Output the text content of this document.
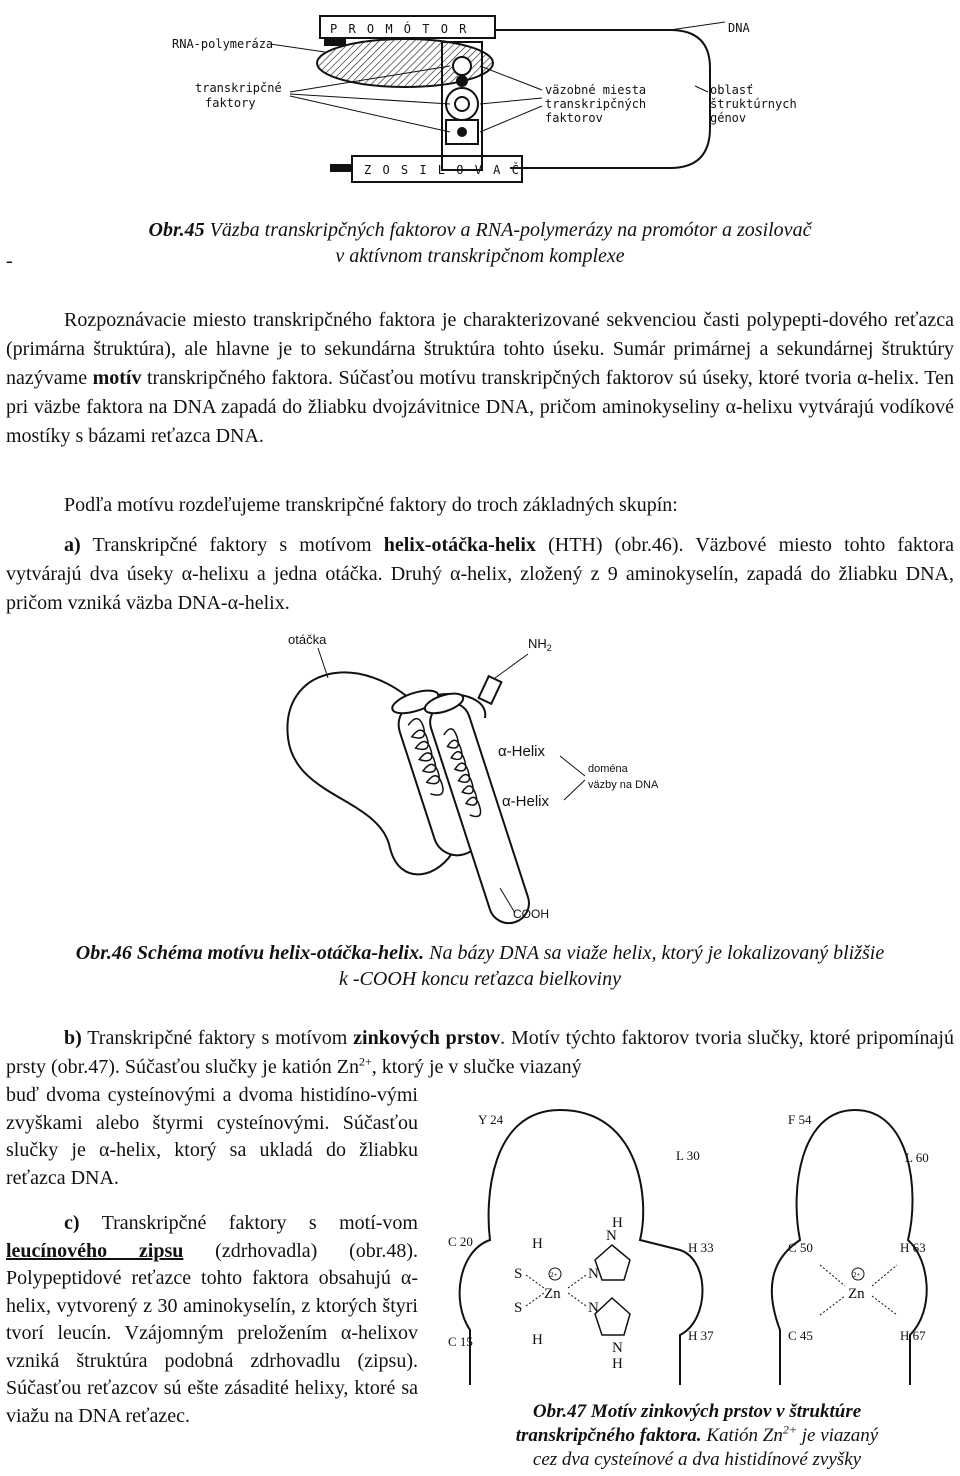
P R O M Ó T O R	DNA
RNA-polymeráza
transkripčné
faktory
väzobné miesta
transkripčných
faktorov
oblasť
štruktúrnych
génov
Z O S I L O V A Č
-
Obr.45 Väzba transkripčných faktorov a RNA-polymerázy na promótor a zosilovač
v aktívnom transkripčnom komplexe
Rozpoznávacie miesto transkripčného faktora je charakterizované sekvenciou časti polypepti-dového reťazca (primárna štruktúra), ale hlavne je to sekundárna štruktúra tohto úseku. Sumár primárnej a sekundárnej štruktúry nazývame motív transkripčného faktora. Súčasťou motívu transkripčných faktorov sú úseky, ktoré tvoria α-helix. Ten pri väzbe faktora na DNA zapadá do žliabku dvojzávitnice DNA, pričom aminokyseliny α-helixu vytvárajú vodíkové mostíky s bázami reťazca DNA.
Podľa motívu rozdeľujeme transkripčné faktory do troch základných skupín:
a) Transkripčné faktory s motívom helix-otáčka-helix (HTH) (obr.46). Väzbové miesto tohto faktora vytvárajú dva úseky α-helixu a jedna otáčka. Druhý α-helix, zložený z 9 aminokyselín, zapadá do žliabku DNA, pričom vzniká väzba DNA-α-helix.
otáčka	$NH_2$
α-Helix
α-Helix
doména
väzby na DNA
COOH
Obr.46 Schéma motívu helix-otáčka-helix. Na bázy DNA sa viaže helix, ktorý je lokalizovaný bližšie
k -COOH koncu reťazca bielkoviny
b) Transkripčné faktory s motívom zinkových prstov. Motív týchto faktorov tvoria slučky, ktoré pripomínajú prsty (obr.47). Súčasťou slučky je katión $Zn^{2+}$, ktorý je v slučke viazaný
buď dvoma cysteínovými a dvoma histidíno-vými zvyškami alebo štyrmi cysteínovými. Súčasťou slučky je α-helix, ktorý sa ukladá do žliabku reťazca DNA.
c) Transkripčné faktory s motí-vom leucínového zipsu (zdrhovadla) (obr.48). Polypeptidové reťazce tohto faktora obsahujú α-helix, vytvorený z 30 aminokyselín, z ktorých štyri tvorí leucín. Vzájomným preložením α-helixov vzniká štruktúra podobná zdrhovadlu (zipsu). Súčasťou reťazcov sú ešte zásadité helixy, ktoré sa viažu na DNA reťazec.
Y 24
L 30
F 54
L 60
C 20
C 15
H 33
H 37
C 50
C 45
H 63
H 67
S
S
H
H
Zn
2+ N
N
N
H
N
H
Zn
2+
Obr.47 Motív zinkových prstov v štruktúre
transkripčného faktora. Katión $Zn^{2+}$ je viazaný
cez dva cysteínové a dva histidínové zvyšky
